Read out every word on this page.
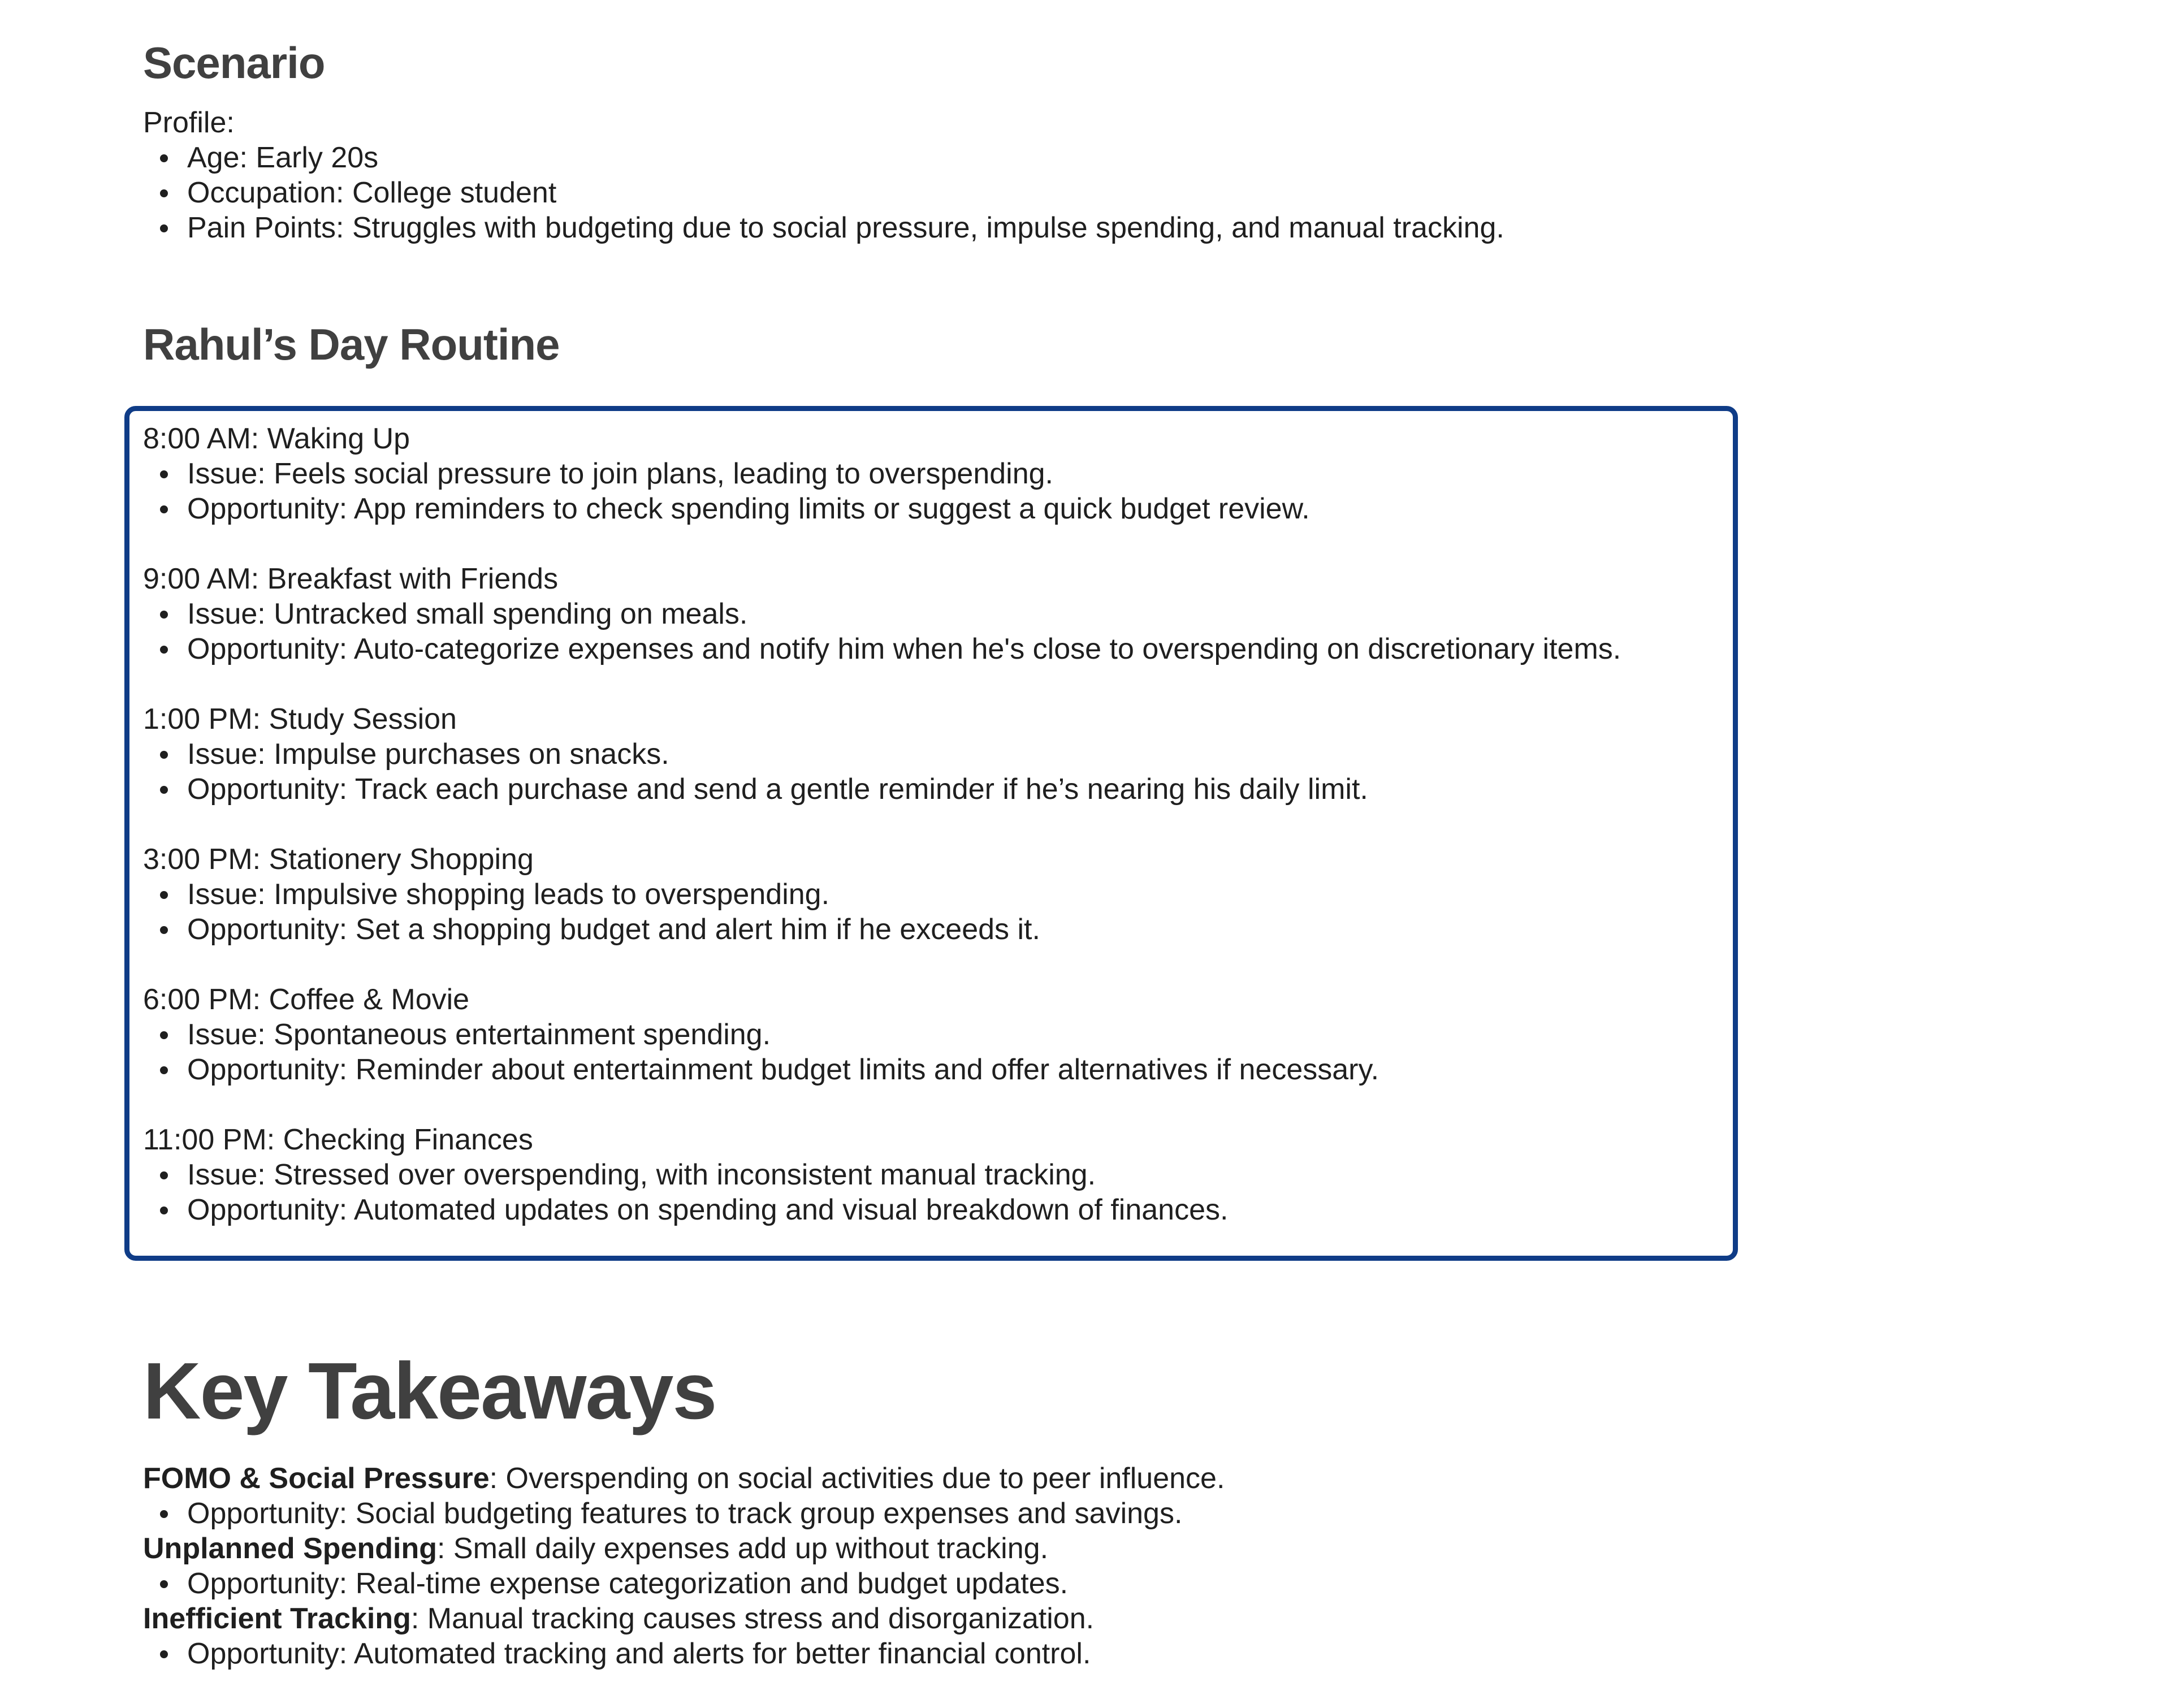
Scenario
Profile:
Age: Early 20s
Occupation: College student
Pain Points: Struggles with budgeting due to social pressure, impulse spending, and manual tracking.
Rahul’s Day Routine
8:00 AM: Waking Up
Issue: Feels social pressure to join plans, leading to overspending.
Opportunity: App reminders to check spending limits or suggest a quick budget review.
9:00 AM: Breakfast with Friends
Issue: Untracked small spending on meals.
Opportunity: Auto-categorize expenses and notify him when he's close to overspending on discretionary items.
1:00 PM: Study Session
Issue: Impulse purchases on snacks.
Opportunity: Track each purchase and send a gentle reminder if he’s nearing his daily limit.
3:00 PM: Stationery Shopping
Issue: Impulsive shopping leads to overspending.
Opportunity: Set a shopping budget and alert him if he exceeds it.
6:00 PM: Coffee & Movie
Issue: Spontaneous entertainment spending.
Opportunity: Reminder about entertainment budget limits and offer alternatives if necessary.
11:00 PM: Checking Finances
Issue: Stressed over overspending, with inconsistent manual tracking.
Opportunity: Automated updates on spending and visual breakdown of finances.
Key Takeaways
FOMO & Social Pressure: Overspending on social activities due to peer influence.
Opportunity: Social budgeting features to track group expenses and savings.
Unplanned Spending: Small daily expenses add up without tracking.
Opportunity: Real-time expense categorization and budget updates.
Inefficient Tracking: Manual tracking causes stress and disorganization.
Opportunity: Automated tracking and alerts for better financial control.
